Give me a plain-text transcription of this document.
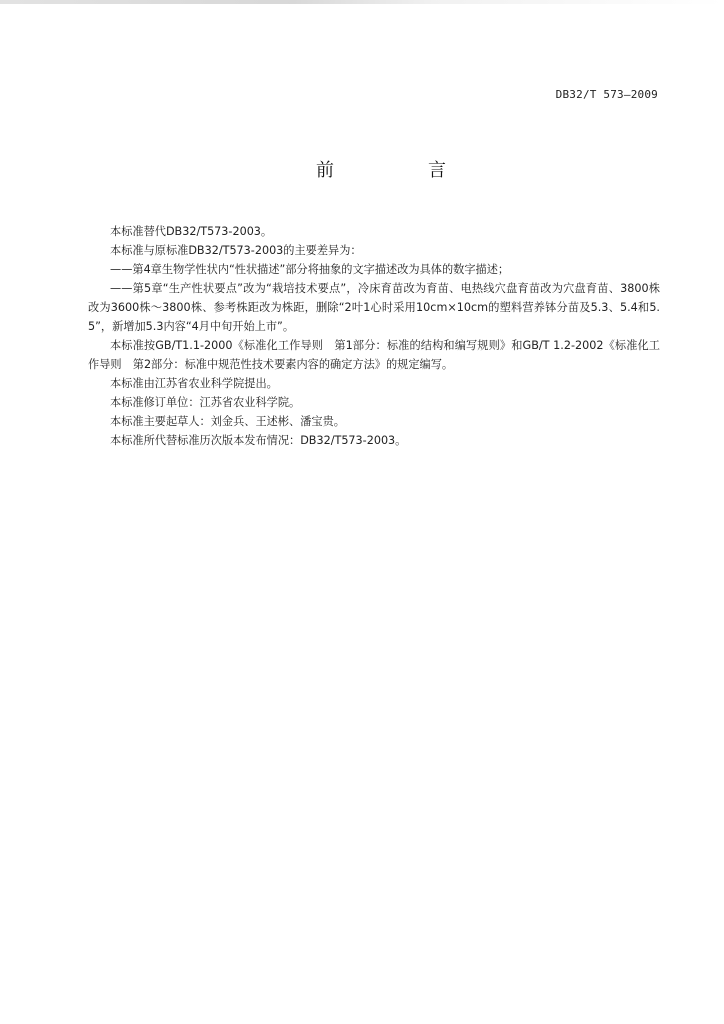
DB32/T 573—2009
前　言

本标准替代DB32/T573-2003。

本标准与原标准DB32/T573-2003的主要差异为：

——第4章生物学性状内“性状描述”部分将抽象的文字描述改为具体的数字描述；

——第5章“生产性状要点”改为“栽培技术要点”，冷床育苗改为育苗、电热线穴盘育苗改为穴盘育苗、3800株改为3600株～3800株、参考株距改为株距，删除“2叶1心时采用10cm×10cm的塑料营养钵分苗及5.3、5.4和5.5”，新增加5.3内容“4月中旬开始上市”。

本标准按GB/T1.1-2000《标准化工作导则　第1部分：标准的结构和编写规则》和GB/T 1.2-2002《标准化工作导则　第2部分：标准中规范性技术要素内容的确定方法》的规定编写。

本标准由江苏省农业科学院提出。

本标准修订单位：江苏省农业科学院。

本标准主要起草人：刘金兵、王述彬、潘宝贵。

本标准所代替标准历次版本发布情况：DB32/T573-2003。
